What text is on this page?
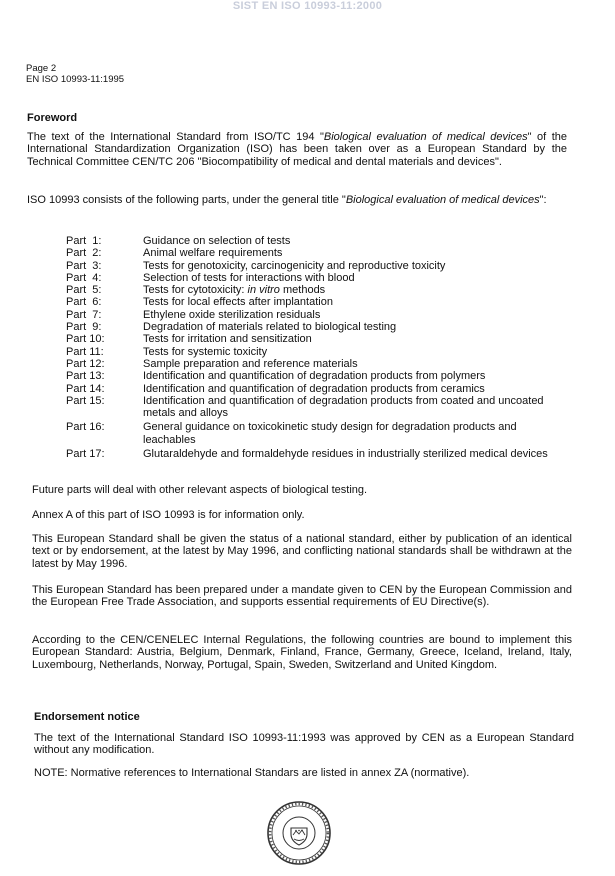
SIST EN ISO 10993-11:2000
Page 2
EN ISO 10993-11:1995
Foreword
The text of the International Standard from ISO/TC 194 "Biological evaluation of medical devices" of the International Standardization Organization (ISO) has been taken over as a European Standard by the Technical Committee CEN/TC 206 "Biocompatibility of medical and dental materials and devices".
ISO 10993 consists of the following parts, under the general title "Biological evaluation of medical devices":
Part  1:	Guidance on selection of tests
Part  2:	Animal welfare requirements
Part  3:	Tests for genotoxicity, carcinogenicity and reproductive toxicity
Part  4:	Selection of tests for interactions with blood
Part  5:	Tests for cytotoxicity: in vitro methods
Part  6:	Tests for local effects after implantation
Part  7:	Ethylene oxide sterilization residuals
Part  9:	Degradation of materials related to biological testing
Part 10:	Tests for irritation and sensitization
Part 11:	Tests for systemic toxicity
Part 12:	Sample preparation and reference materials
Part 13:	Identification and quantification of degradation products from polymers
Part 14:	Identification and quantification of degradation products from ceramics
Part 15:	Identification and quantification of degradation products from coated and uncoated metals and alloys
Part 16:	General guidance on toxicokinetic study design for degradation products and leachables
Part 17:	Glutaraldehyde and formaldehyde residues in industrially sterilized medical devices
Future parts will deal with other relevant aspects of biological testing.
Annex A of this part of ISO 10993 is for information only.
This European Standard shall be given the status of a national standard, either by publication of an identical text or by endorsement, at the latest by May 1996, and conflicting national standards shall be withdrawn at the latest by May 1996.
This European Standard has been prepared under a mandate given to CEN by the European Commission and the European Free Trade Association, and supports essential requirements of EU Directive(s).
According to the CEN/CENELEC Internal Regulations, the following countries are bound to implement this European Standard: Austria, Belgium, Denmark, Finland, France, Germany, Greece, Iceland, Ireland, Italy, Luxembourg, Netherlands, Norway, Portugal, Spain, Sweden, Switzerland and United Kingdom.
Endorsement notice
The text of the International Standard ISO 10993-11:1993 was approved by CEN as a European Standard without any modification.
NOTE: Normative references to International Standars are listed in annex ZA (normative).
